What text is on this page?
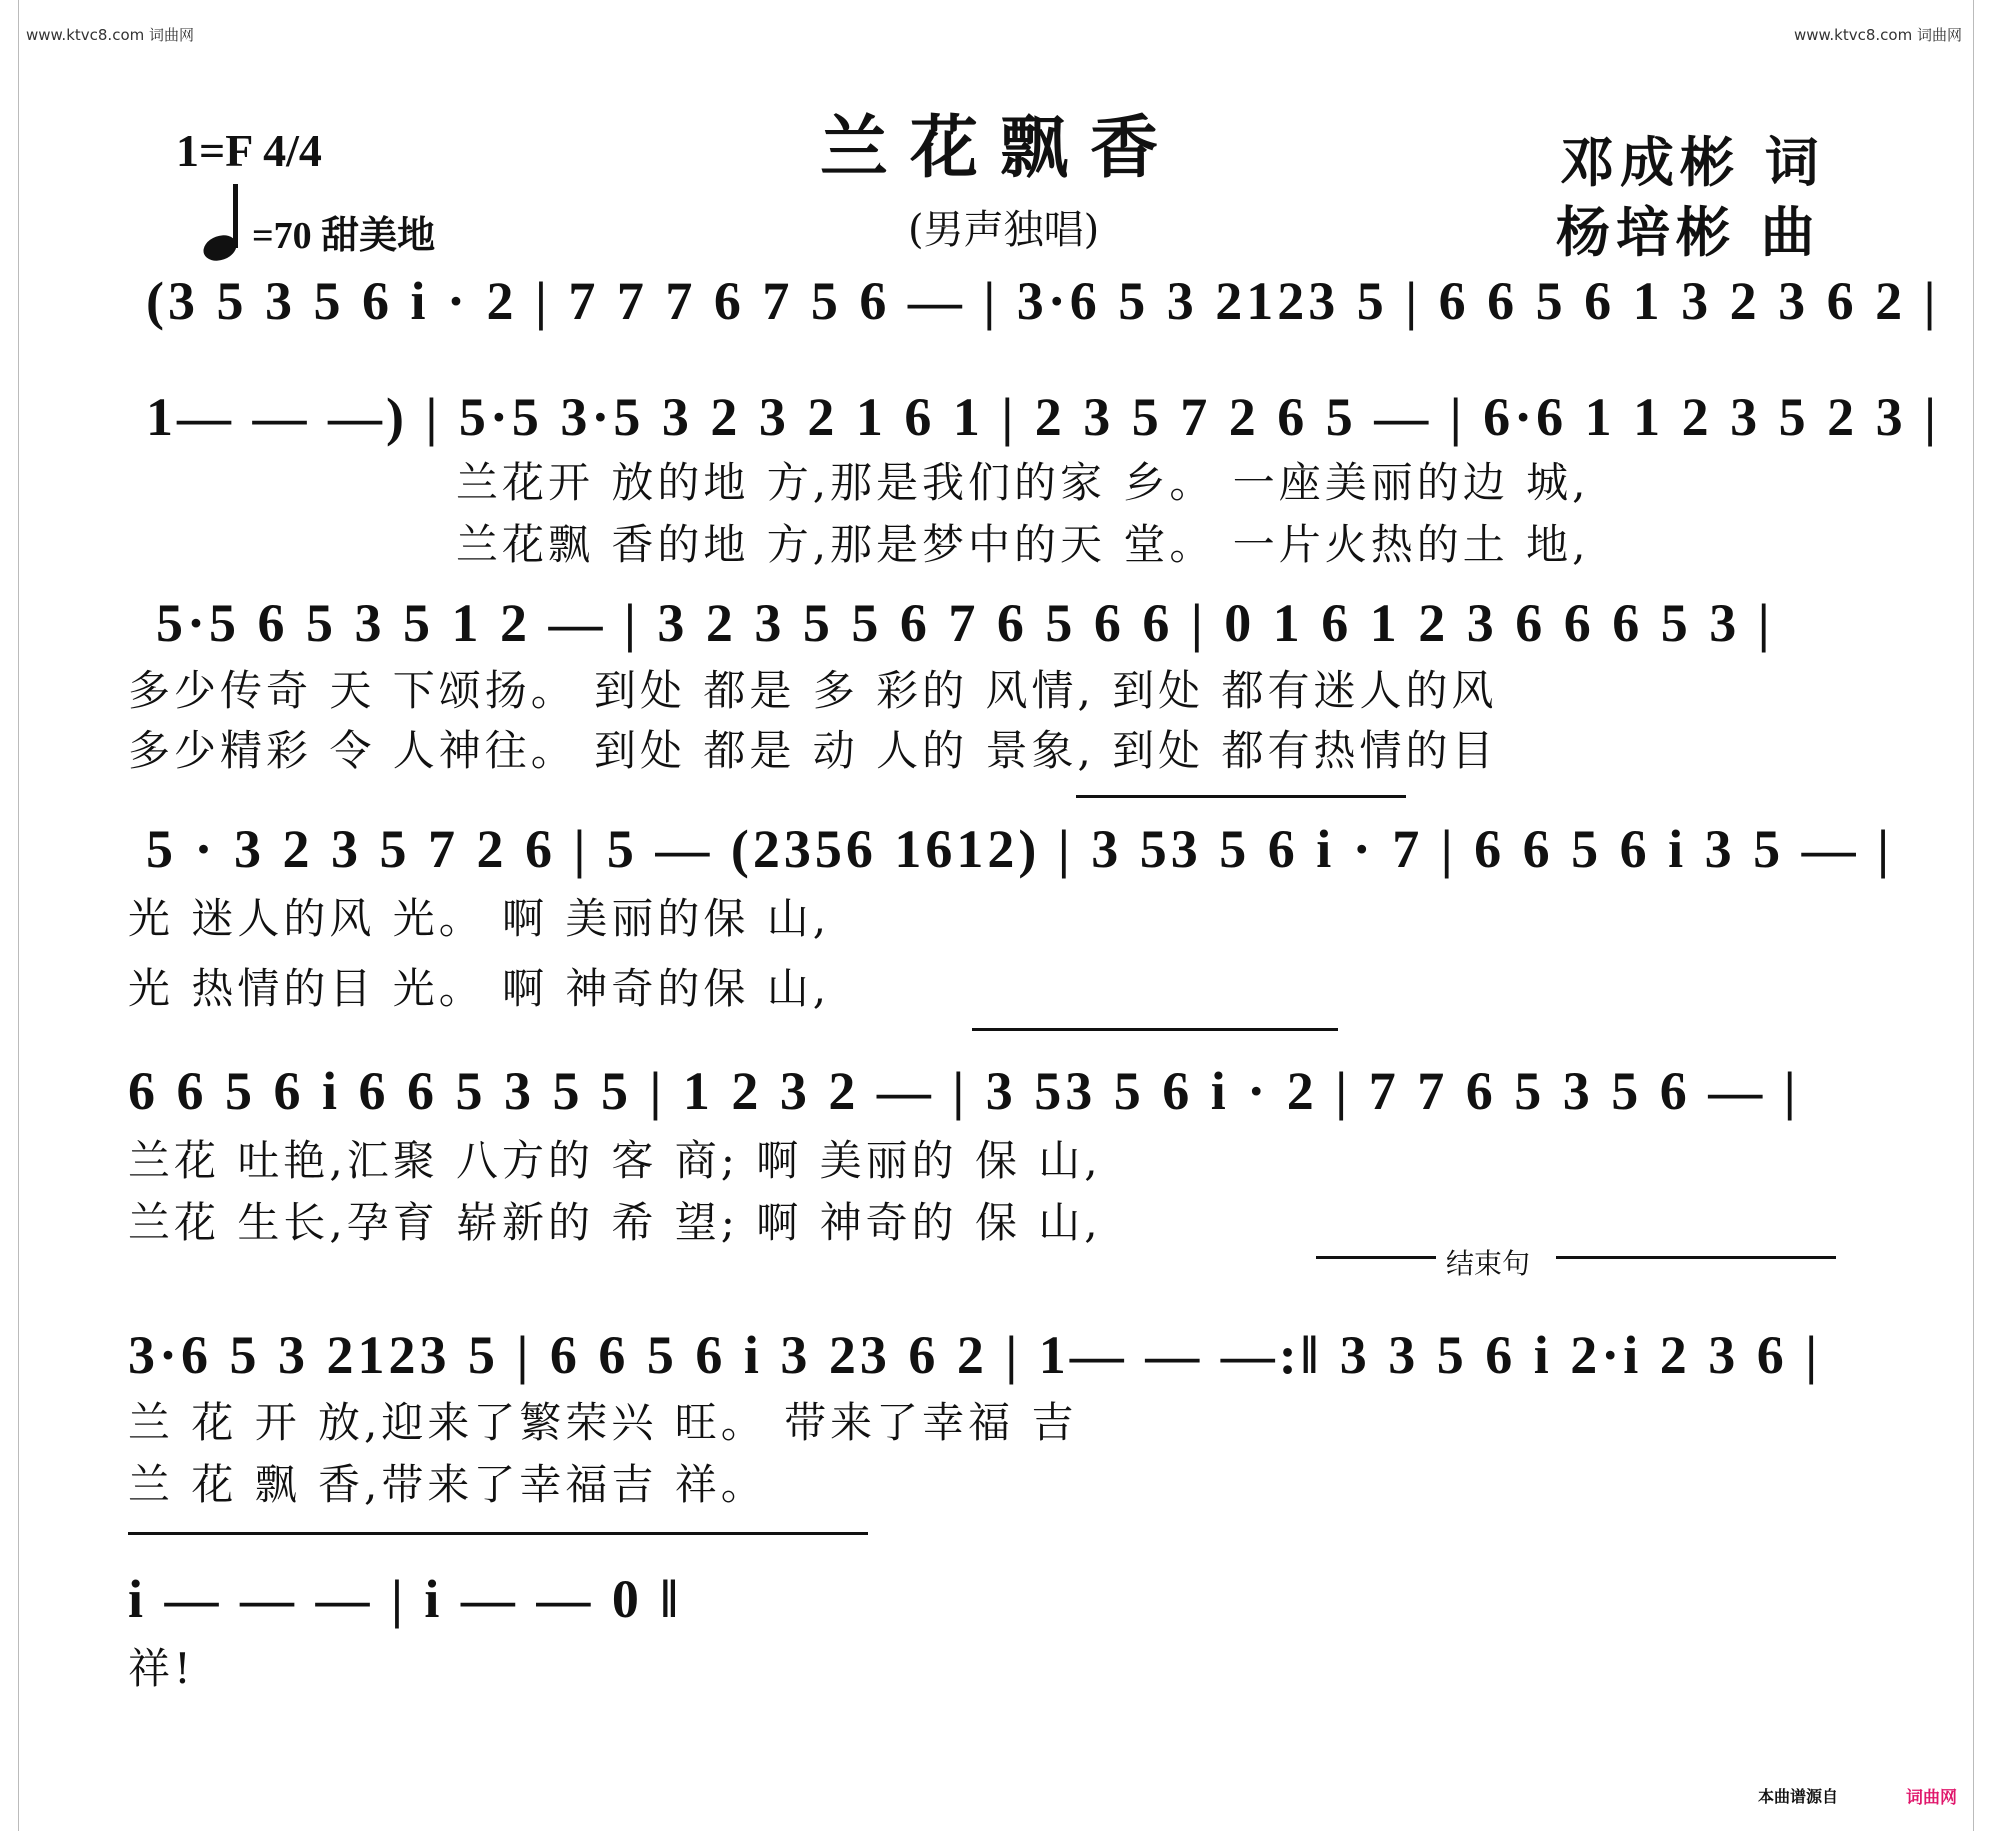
www.ktvc8.com 词曲网	www.ktvc8.com 词曲网
1=F 4/4
=70 甜美地
兰花飘香
(男声独唱)
邓成彬 词
杨培彬 曲
(3 5 3 5 6 i · 2 | 7 7 7 6 7 5 6 — | 3·6 5 3 2123 5 | 6 6 5 6 1 3 2 3 6 2 |
1— — —) | 5·5 3·5 3 2 3 2 1 6 1 | 2 3 5 7 2 6 5 — | 6·6 1 1 2 3 5 2 3 |
兰花开 放的地 方,那是我们的家 乡。 一座美丽的边 城,
兰花飘 香的地 方,那是梦中的天 堂。 一片火热的土 地,
5·5 6 5 3 5 1 2 — | 3 2 3 5 5 6 7 6 5 6 6 | 0 1 6 1 2 3 6 6 6 5 3 |
多少传奇 天 下颂扬。 到处 都是 多 彩的 风情, 到处 都有迷人的风
多少精彩 令 人神往。 到处 都是 动 人的 景象, 到处 都有热情的目
5 · 3 2 3 5 7 2 6 | 5 — (2356 1612) | 3 53 5 6 i · 7 | 6 6 5 6 i 3 5 — |
光 迷人的风 光。 啊 美丽的保 山,
光 热情的目 光。 啊 神奇的保 山,
6 6 5 6 i 6 6 5 3 5 5 | 1 2 3 2 — | 3 53 5 6 i · 2 | 7 7 6 5 3 5 6 — |
兰花 吐艳,汇聚 八方的 客 商; 啊 美丽的 保 山,
兰花 生长,孕育 崭新的 希 望; 啊 神奇的 保 山,
结束句
3·6 5 3 2123 5 | 6 6 5 6 i 3 23 6 2 | 1— — —:‖ 3 3 5 6 i 2·i 2 3 6 |
兰 花 开 放,迎来了繁荣兴 旺。 带来了幸福 吉
兰 花 飘 香,带来了幸福吉 祥。
i — — — | i — — 0 ‖
祥!
本曲谱源自	词曲网
